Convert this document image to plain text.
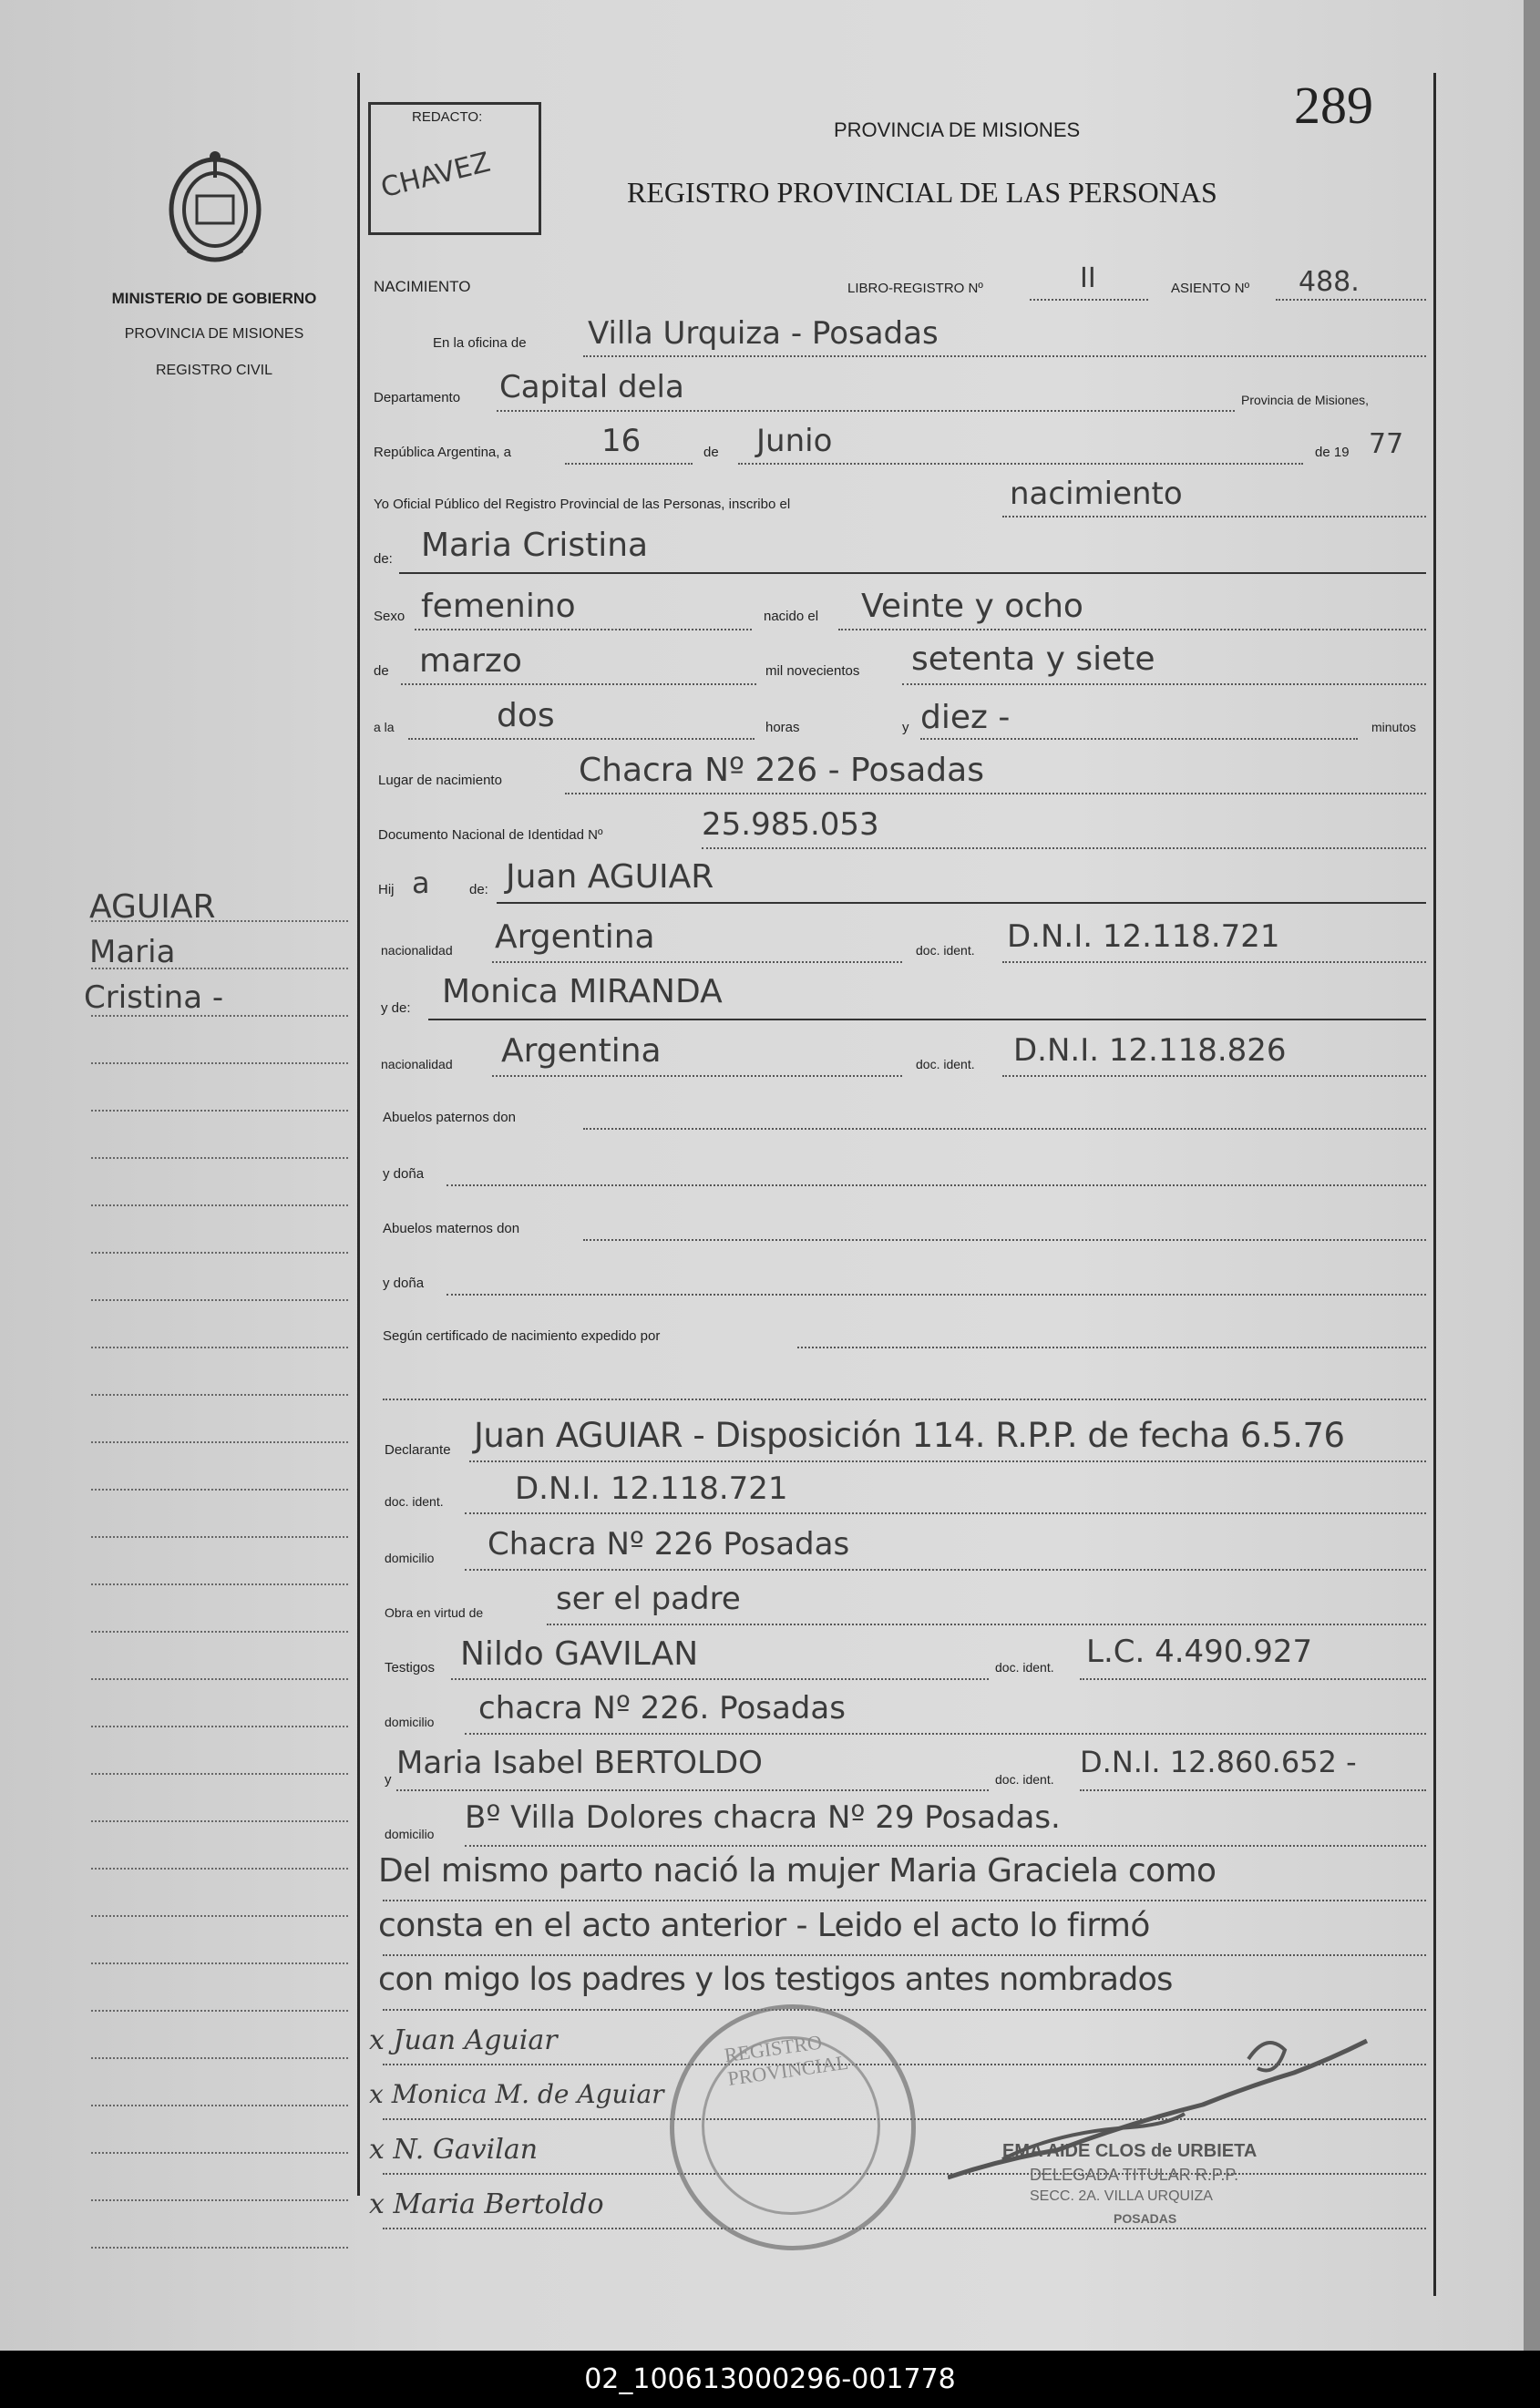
289
MINISTERIO DE GOBIERNO
PROVINCIA DE MISIONES
REGISTRO CIVIL
REDACTO:
CHAVEZ
PROVINCIA DE MISIONES
REGISTRO PROVINCIAL DE LAS PERSONAS
AGUIAR
Maria
Cristina -
NACIMIENTO	LIBRO-REGISTRO Nº	II	ASIENTO Nº 488.
En la oficina de Villa Urquiza - Posadas
Departamento Capital dela	Provincia de Misiones,
República Argentina, a	16	de Junio	de 19 77
Yo Oficial Público del Registro Provincial de las Personas, inscribo el	nacimiento
de: Maria Cristina
Sexo femenino	nacido el Veinte y ocho
de marzo	mil novecientos setenta y siete
a la	dos	horas	y diez -	minutos
Lugar de nacimiento Chacra Nº 226 - Posadas
Documento Nacional de Identidad Nº	25.985.053
Hij a	de: Juan AGUIAR
nacionalidad Argentina	doc. ident. D.N.I. 12.118.721
y de: Monica MIRANDA
nacionalidad Argentina	doc. ident. D.N.I. 12.118.826
Abuelos paternos don
y doña
Abuelos maternos don
y doña
Según certificado de nacimiento expedido por
Declarante Juan AGUIAR - Disposición 114. R.P.P. de fecha 6.5.76
doc. ident. D.N.I. 12.118.721
domicilio Chacra Nº 226 Posadas
Obra en virtud de ser el padre
Testigos Nildo GAVILAN	doc. ident. L.C. 4.490.927
domicilio chacra Nº 226. Posadas
y Maria Isabel BERTOLDO	doc. ident. D.N.I. 12.860.652 -
domicilio Bº Villa Dolores chacra Nº 29 Posadas.
Del mismo parto nació la mujer Maria Graciela como
consta en el acto anterior - Leido el acto lo firmó
con migo los padres y los testigos antes nombrados
x Juan Aguiar
x Monica M. de Aguiar
x N. Gavilan
x Maria Bertoldo
REGISTRO PROVINCIAL
EMA AIDE CLOS de URBIETA
DELEGADA TITULAR R.P.P.
SECC. 2A. VILLA URQUIZA
POSADAS
02_100613000296-001778
